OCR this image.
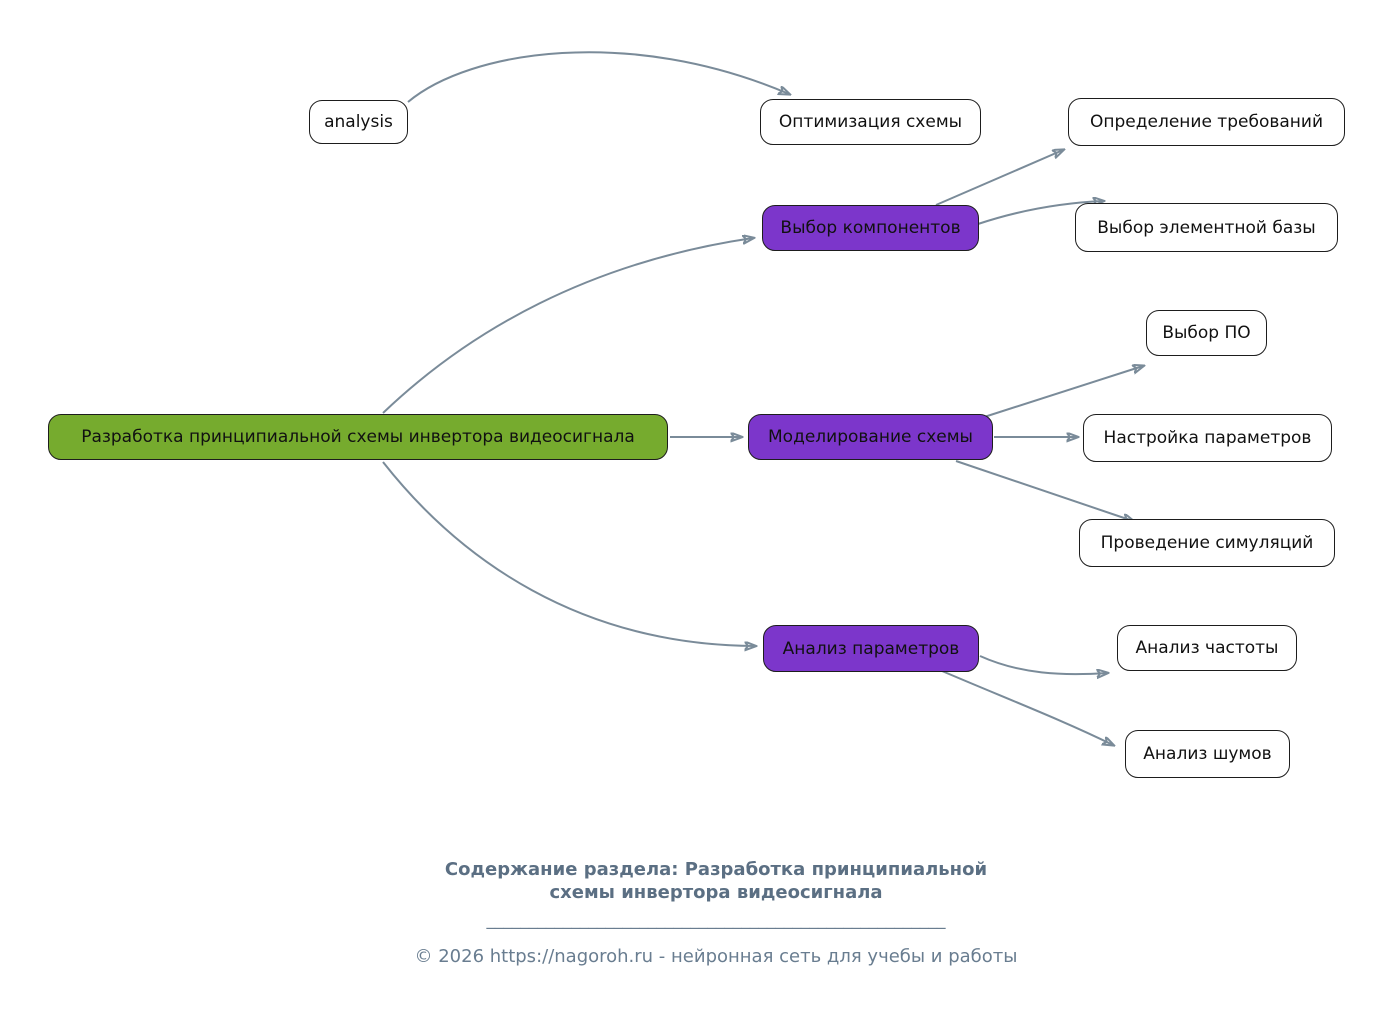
analysis	Оптимизация схемы	Определение требований
Выбор компонентов	Выбор элементной базы
Выбор ПО
Разработка принципиальной схемы инвертора видеосигнала	Моделирование схемы	Настройка параметров
Проведение симуляций
Анализ параметров	Анализ частоты
Анализ шумов
Содержание раздела: Разработка принципиальной
схемы инвертора видеосигнала
______________________________________________________
© 2026 https://nagoroh.ru - нейронная сеть для учебы и работы
